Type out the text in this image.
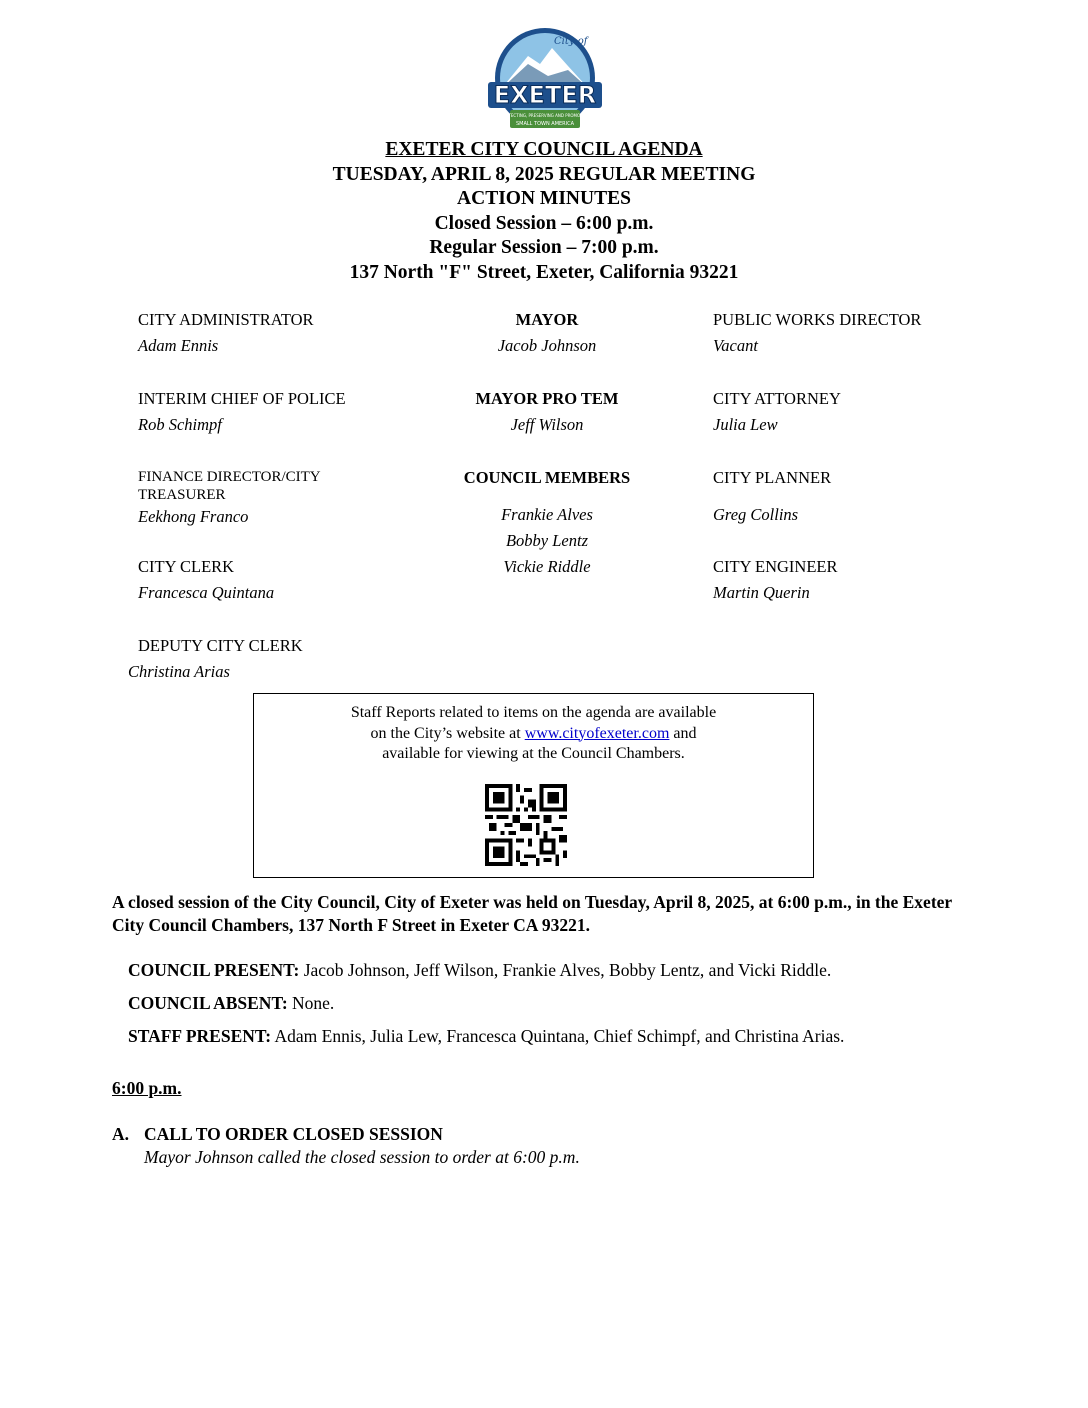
City of
EXETER
PROTECTING, PRESERVING AND PROMOTING
SMALL TOWN AMERICA
EXETER CITY COUNCIL AGENDA
TUESDAY, APRIL 8, 2025 REGULAR MEETING
ACTION MINUTES
Closed Session – 6:00 p.m.
Regular Session – 7:00 p.m.
137 North "F" Street, Exeter, California 93221
CITY ADMINISTRATOR
Adam Ennis
INTERIM CHIEF OF POLICE
Rob Schimpf
FINANCE DIRECTOR/CITY TREASURER
Eekhong Franco
CITY CLERK
Francesca Quintana
DEPUTY CITY CLERK
Christina Arias
MAYOR
Jacob Johnson
MAYOR PRO TEM
Jeff Wilson
COUNCIL MEMBERS
Frankie Alves
Bobby Lentz
Vickie Riddle
PUBLIC WORKS DIRECTOR
Vacant
CITY ATTORNEY
Julia Lew
CITY PLANNER
Greg Collins
CITY ENGINEER
Martin Querin
Staff Reports related to items on the agenda are available
on the City’s website at www.cityofexeter.com and
available for viewing at the Council Chambers.
A closed session of the City Council, City of Exeter was held on Tuesday, April 8, 2025, at 6:00 p.m., in the Exeter City Council Chambers, 137 North F Street in Exeter CA 93221.
COUNCIL PRESENT: Jacob Johnson, Jeff Wilson, Frankie Alves, Bobby Lentz, and Vicki Riddle.
COUNCIL ABSENT: None.
STAFF PRESENT: Adam Ennis, Julia Lew, Francesca Quintana, Chief Schimpf, and Christina Arias.
6:00 p.m.
A. CALL TO ORDER CLOSED SESSION
Mayor Johnson called the closed session to order at 6:00 p.m.
